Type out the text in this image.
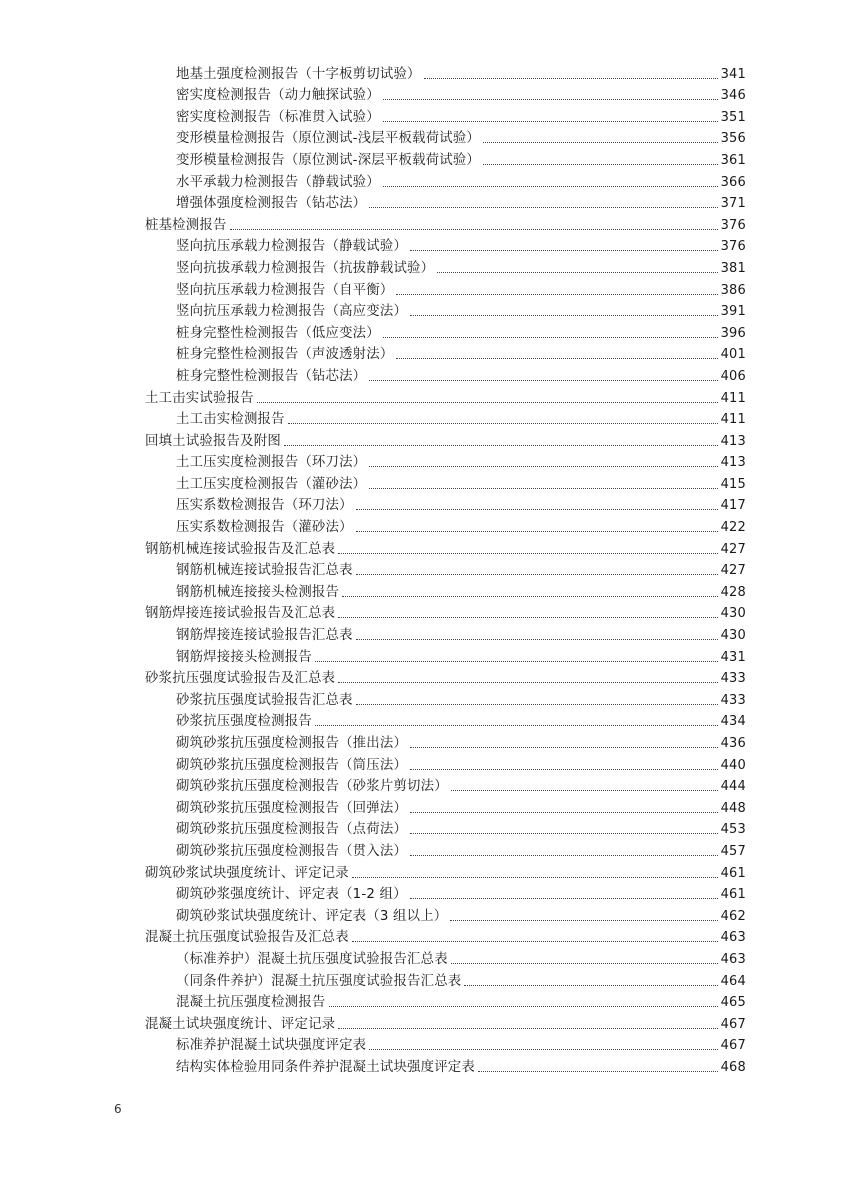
地基土强度检测报告（十字板剪切试验）	341
密实度检测报告（动力触探试验）	346
密实度检测报告（标准贯入试验）	351
变形模量检测报告（原位测试-浅层平板载荷试验）	356
变形模量检测报告（原位测试-深层平板载荷试验）	361
水平承载力检测报告（静载试验）	366
增强体强度检测报告（钻芯法）	371
桩基检测报告	376
竖向抗压承载力检测报告（静载试验）	376
竖向抗拔承载力检测报告（抗拔静载试验）	381
竖向抗压承载力检测报告（自平衡）	386
竖向抗压承载力检测报告（高应变法）	391
桩身完整性检测报告（低应变法）	396
桩身完整性检测报告（声波透射法）	401
桩身完整性检测报告（钻芯法）	406
土工击实试验报告	411
土工击实检测报告	411
回填土试验报告及附图	413
土工压实度检测报告（环刀法）	413
土工压实度检测报告（灌砂法）	415
压实系数检测报告（环刀法）	417
压实系数检测报告（灌砂法）	422
钢筋机械连接试验报告及汇总表	427
钢筋机械连接试验报告汇总表	427
钢筋机械连接接头检测报告	428
钢筋焊接连接试验报告及汇总表	430
钢筋焊接连接试验报告汇总表	430
钢筋焊接接头检测报告	431
砂浆抗压强度试验报告及汇总表	433
砂浆抗压强度试验报告汇总表	433
砂浆抗压强度检测报告	434
砌筑砂浆抗压强度检测报告（推出法）	436
砌筑砂浆抗压强度检测报告（筒压法）	440
砌筑砂浆抗压强度检测报告（砂浆片剪切法）	444
砌筑砂浆抗压强度检测报告（回弹法）	448
砌筑砂浆抗压强度检测报告（点荷法）	453
砌筑砂浆抗压强度检测报告（贯入法）	457
砌筑砂浆试块强度统计、评定记录	461
砌筑砂浆强度统计、评定表（1-2 组）	461
砌筑砂浆试块强度统计、评定表（3 组以上）	462
混凝土抗压强度试验报告及汇总表	463
（标准养护）混凝土抗压强度试验报告汇总表	463
（同条件养护）混凝土抗压强度试验报告汇总表	464
混凝土抗压强度检测报告	465
混凝土试块强度统计、评定记录	467
标准养护混凝土试块强度评定表	467
结构实体检验用同条件养护混凝土试块强度评定表	468
6
